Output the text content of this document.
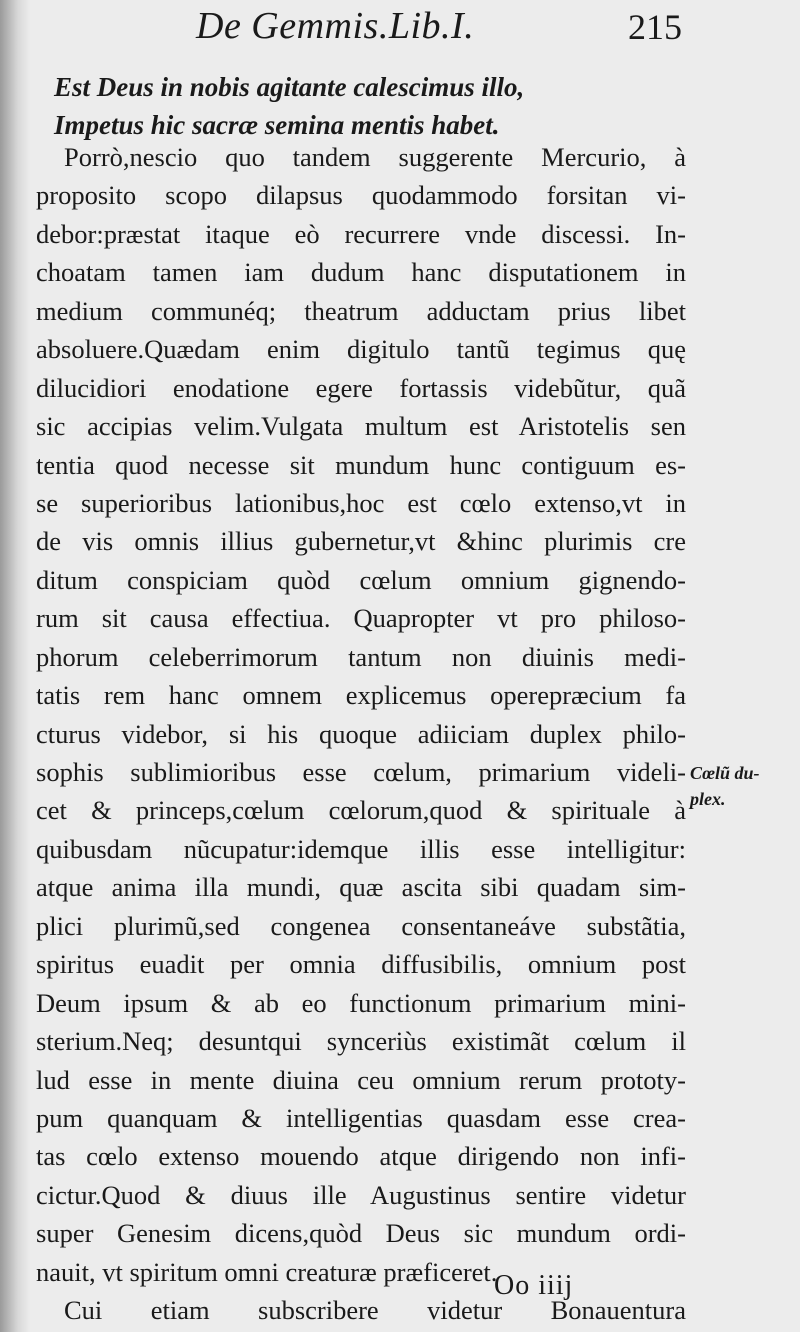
De Gemmis.Lib.I.	215
Est Deus in nobis agitante calescimus illo,
Impetus hic sacræ semina mentis habet.
Porrò,nescio quo tandem suggerente Mercurio, à
proposito scopo dilapsus quodammodo forsitan vi-
debor:præstat itaque eò recurrere vnde discessi. In-
choatam tamen iam dudum hanc disputationem in
medium communéq; theatrum adductam prius libet
absoluere.Quædam enim digitulo tantũ tegimus quę
dilucidiori enodatione egere fortassis videbũtur, quã
sic accipias velim.Vulgata multum est Aristotelis sen
tentia quod necesse sit mundum hunc contiguum es-
se superioribus lationibus,hoc est cœlo extenso,vt in
de vis omnis illius gubernetur,vt &hinc plurimis cre
ditum conspiciam quòd cœlum omnium gignendo-
rum sit causa effectiua. Quapropter vt pro philoso-
phorum celeberrimorum tantum non diuinis medi-
tatis rem hanc omnem explicemus operepræcium fa
cturus videbor, si his quoque adiiciam duplex philo-
sophis sublimioribus esse cœlum, primarium videli-
cet & princeps,cœlum cœlorum,quod & spirituale à
quibusdam nũcupatur:idemque illis esse intelligitur:
atque anima illa mundi, quæ ascita sibi quadam sim-
plici plurimũ,sed congenea consentaneáve substãtia,
spiritus euadit per omnia diffusibilis, omnium post
Deum ipsum & ab eo functionum primarium mini-
sterium.Neq; desuntqui synceriùs existimãt cœlum il
lud esse in mente diuina ceu omnium rerum prototy-
pum quanquam & intelligentias quasdam esse crea-
tas cœlo extenso mouendo atque dirigendo non infi-
cictur.Quod & diuus ille Augustinus sentire videtur
super Genesim dicens,quòd Deus sic mundum ordi-
nauit, vt spiritum omni creaturæ præficeret.
Cui etiam subscribere videtur Bonauentura
Cœlũ du-
plex.
Oo iiij
